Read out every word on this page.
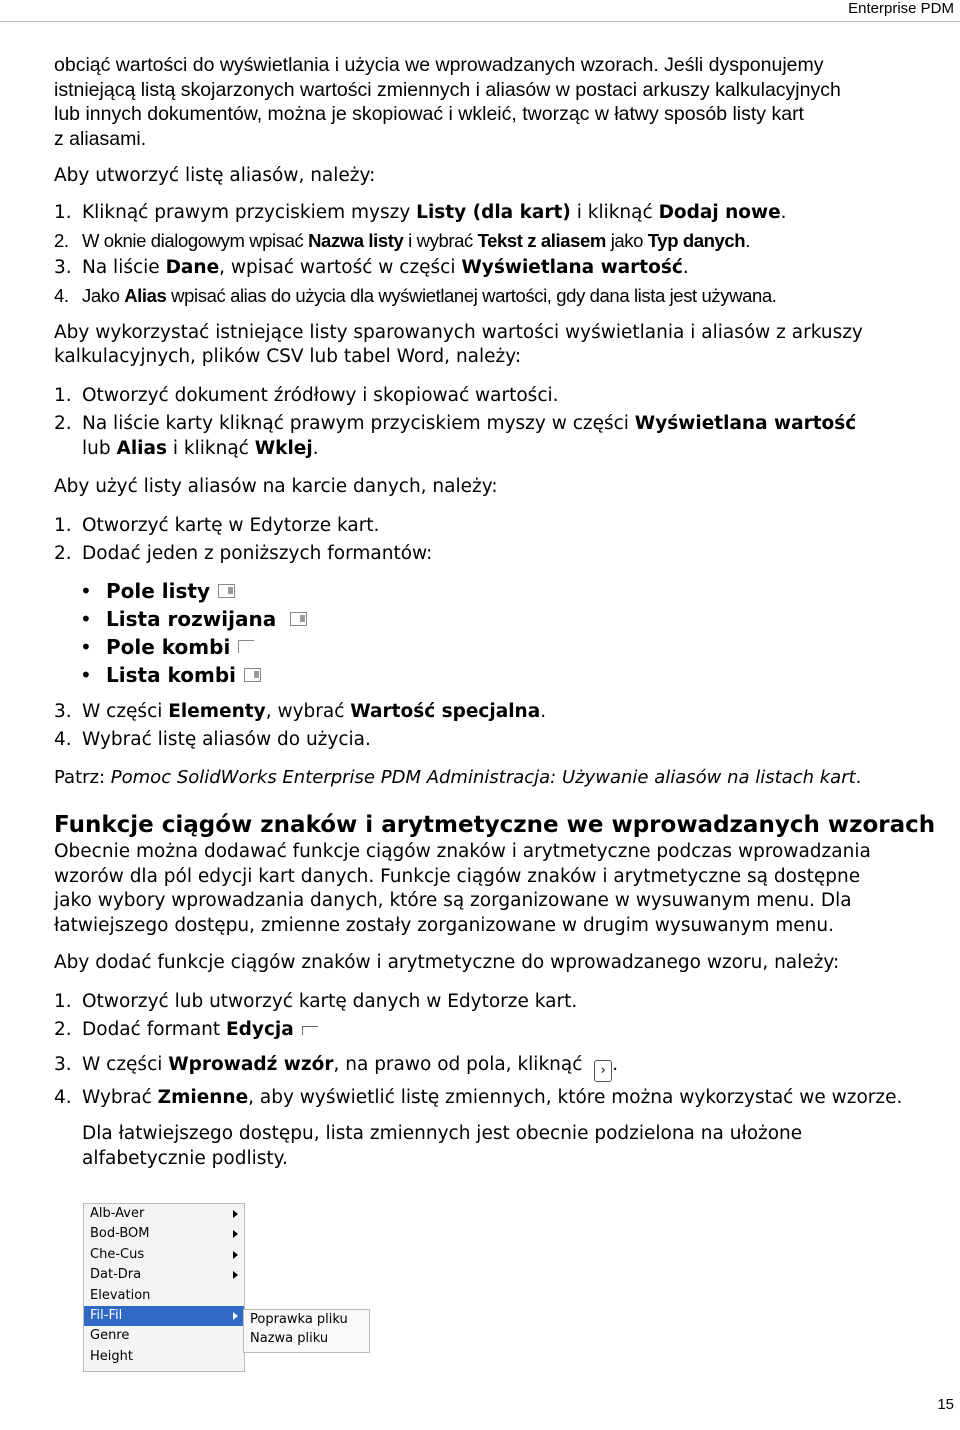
Enterprise PDM
obciąć wartości do wyświetlania i użycia we wprowadzanych wzorach. Jeśli dysponujemy
istniejącą listą skojarzonych wartości zmiennych i aliasów w postaci arkuszy kalkulacyjnych
lub innych dokumentów, można je skopiować i wkleić, tworząc w łatwy sposób listy kart
z aliasami.
Aby utworzyć listę aliasów, należy:
1. Kliknąć prawym przyciskiem myszy Listy (dla kart) i kliknąć Dodaj nowe.
2. W oknie dialogowym wpisać Nazwa listy i wybrać Tekst z aliasem jako Typ danych.
3. Na liście Dane, wpisać wartość w części Wyświetlana wartość.
4. Jako Alias wpisać alias do użycia dla wyświetlanej wartości, gdy dana lista jest używana.
Aby wykorzystać istniejące listy sparowanych wartości wyświetlania i aliasów z arkuszy
kalkulacyjnych, plików CSV lub tabel Word, należy:
1. Otworzyć dokument źródłowy i skopiować wartości.
2. Na liście karty kliknąć prawym przyciskiem myszy w części Wyświetlana wartość
lub Alias i kliknąć Wklej.
Aby użyć listy aliasów na karcie danych, należy:
1. Otworzyć kartę w Edytorze kart.
2. Dodać jeden z poniższych formantów:
• Pole listy
• Lista rozwijana
• Pole kombi
• Lista kombi
3. W części Elementy, wybrać Wartość specjalna.
4. Wybrać listę aliasów do użycia.
Patrz: Pomoc SolidWorks Enterprise PDM Administracja: Używanie aliasów na listach kart.
Funkcje ciągów znaków i arytmetyczne we wprowadzanych wzorach
Obecnie można dodawać funkcje ciągów znaków i arytmetyczne podczas wprowadzania
wzorów dla pól edycji kart danych. Funkcje ciągów znaków i arytmetyczne są dostępne
jako wybory wprowadzania danych, które są zorganizowane w wysuwanym menu. Dla
łatwiejszego dostępu, zmienne zostały zorganizowane w drugim wysuwanym menu.
Aby dodać funkcje ciągów znaków i arytmetyczne do wprowadzanego wzoru, należy:
1. Otworzyć lub utworzyć kartę danych w Edytorze kart.
2. Dodać formant Edycja
3. W części Wprowadź wzór, na prawo od pola, kliknąć › .
4. Wybrać Zmienne, aby wyświetlić listę zmiennych, które można wykorzystać we wzorze.
Dla łatwiejszego dostępu, lista zmiennych jest obecnie podzielona na ułożone
alfabetycznie podlisty.
Alb-Aver
Bod-BOM
Che-Cus
Dat-Dra
Elevation
Fil-Fil
Genre
Height
Poprawka pliku
Nazwa pliku
15
